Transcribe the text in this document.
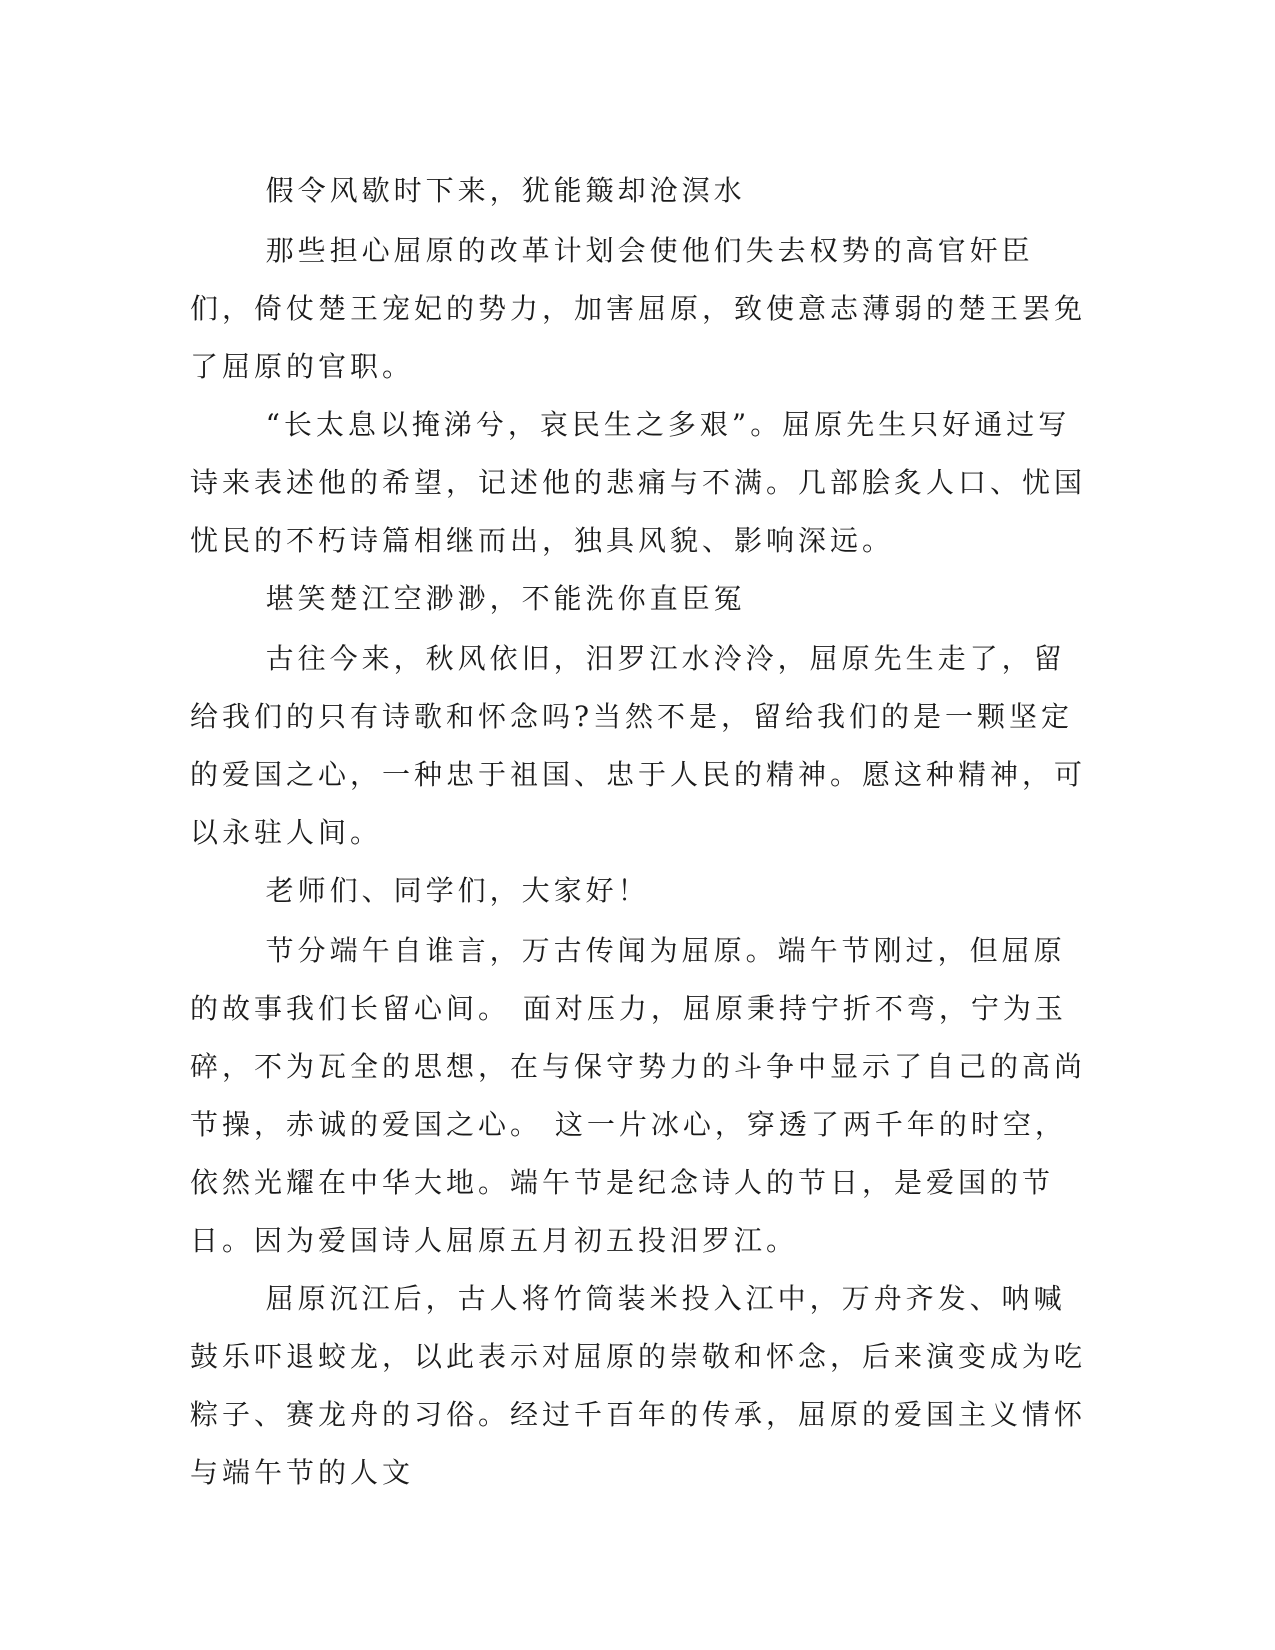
假令风歇时下来，犹能簸却沧溟水

那些担心屈原的改革计划会使他们失去权势的高官奸臣们，倚仗楚王宠妃的势力，加害屈原，致使意志薄弱的楚王罢免了屈原的官职。

“长太息以掩涕兮，哀民生之多艰”。屈原先生只好通过写诗来表述他的希望，记述他的悲痛与不满。几部脍炙人口、忧国忧民的不朽诗篇相继而出，独具风貌、影响深远。

堪笑楚江空渺渺，不能洗你直臣冤

古往今来，秋风依旧，汨罗江水泠泠，屈原先生走了，留给我们的只有诗歌和怀念吗?当然不是，留给我们的是一颗坚定的爱国之心，一种忠于祖国、忠于人民的精神。愿这种精神，可以永驻人间。

老师们、同学们，大家好！

节分端午自谁言，万古传闻为屈原。端午节刚过，但屈原的故事我们长留心间。 面对压力，屈原秉持宁折不弯，宁为玉碎，不为瓦全的思想，在与保守势力的斗争中显示了自己的高尚节操，赤诚的爱国之心。 这一片冰心，穿透了两千年的时空，依然光耀在中华大地。端午节是纪念诗人的节日，是爱国的节日。因为爱国诗人屈原五月初五投汨罗江。

屈原沉江后，古人将竹筒装米投入江中，万舟齐发、呐喊鼓乐吓退蛟龙，以此表示对屈原的崇敬和怀念，后来演变成为吃粽子、赛龙舟的习俗。经过千百年的传承，屈原的爱国主义情怀与端午节的人文
